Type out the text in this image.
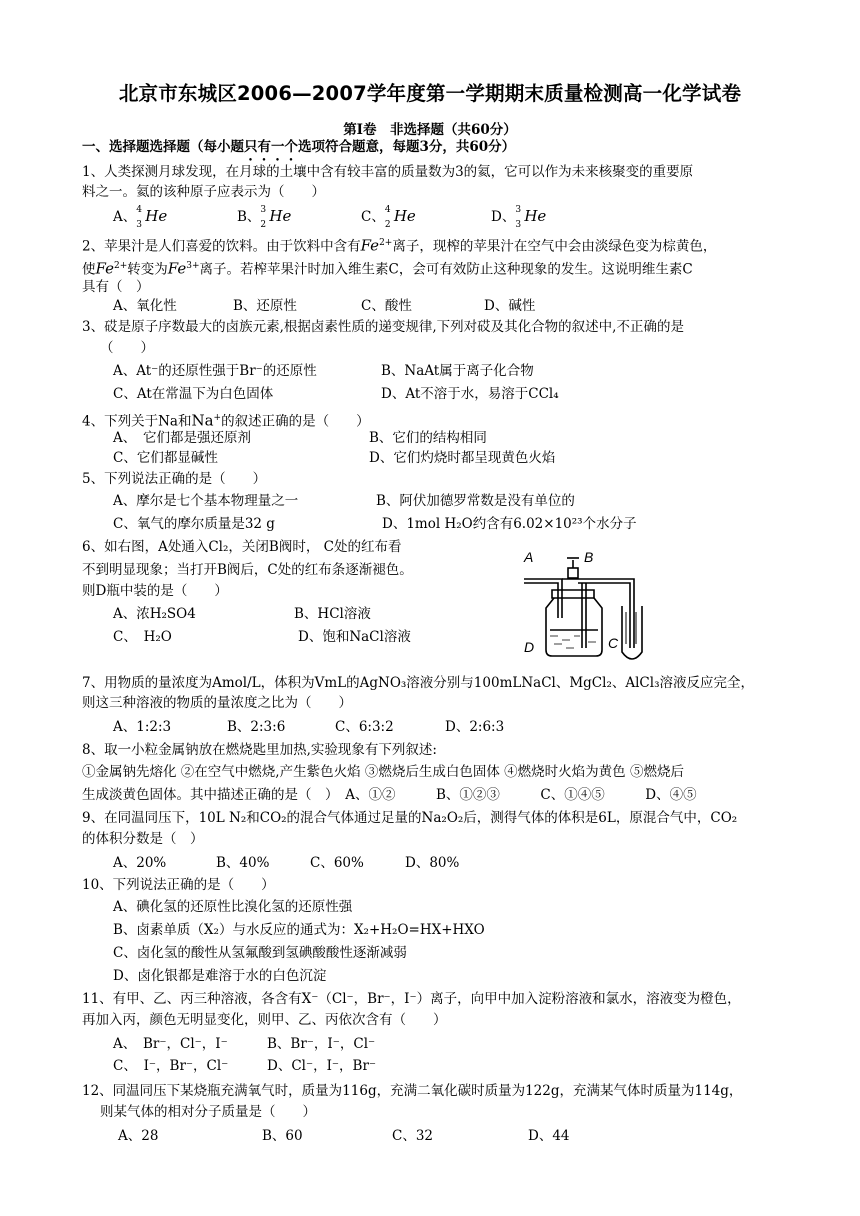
北京市东城区2006—2007学年度第一学期期末质量检测高一化学试卷
第Ⅰ卷　非选择题（共60分）
一、选择题选择题（每小题只有一个选项符合题意，每题3分，共60分）
1、人类探测月球发现，在月球的土壤中含有较丰富的质量数为3的氦，它可以作为未来核聚变的重要原
料之一。氦的该种原子应表示为（　　）
A、 4
3 He	B、 3
2 He	C、 4
2 He	D、 3
3 He
2、苹果汁是人们喜爱的饮料。由于饮料中含有$Fe^{2+}$离子，现榨的苹果汁在空气中会由淡绿色变为棕黄色，
使$Fe^{2+}$转变为$Fe^{3+}$离子。若榨苹果汁时加入维生素C，会可有效防止这种现象的发生。这说明维生素C
具有（　）
A、氧化性	B、还原性	C、酸性	D、碱性
3、砹是原子序数最大的卤族元素,根据卤素性质的递变规律,下列对砹及其化合物的叙述中,不正确的是
（　　）
A、At⁻的还原性强于Br⁻的还原性	B、NaAt属于离子化合物
C、At在常温下为白色固体	D、At不溶于水，易溶于CCl₄
4、下列关于Na和Na+的叙述正确的是（　　）
A、　它们都是强还原剂	B、它们的结构相同
C、它们都显碱性	D、它们灼烧时都呈现黄色火焰
5、下列说法正确的是（　　）
A、摩尔是七个基本物理量之一	B、阿伏加德罗常数是没有单位的
C、氧气的摩尔质量是32 g	D、1mol H₂O约含有6.02×10²³个水分子
6、如右图，A处通入Cl₂，关闭B阀时， C处的红布看
不到明显现象；当打开B阀后，C处的红布条逐渐褪色。
则D瓶中装的是（　　）
A、浓H₂SO4	B、HCl溶液
C、　H₂O	D、饱和NaCl溶液
A	B
D	C
7、用物质的量浓度为Amol/L，体积为VmL的AgNO₃溶液分别与100mLNaCl、MgCl₂、AlCl₃溶液反应完全，
则这三种溶液的物质的量浓度之比为（　　）
A、1:2:3	B、2:3:6	C、6:3:2	D、2:6:3
8、取一小粒金属钠放在燃烧匙里加热,实验现象有下列叙述:
①金属钠先熔化 ②在空气中燃烧,产生紫色火焰 ③燃烧后生成白色固体 ④燃烧时火焰为黄色 ⑤燃烧后
生成淡黄色固体。其中描述正确的是（　）　A、①②　　　B、①②③　　　C、①④⑤　　　D、④⑤
9、在同温同压下，10L N₂和CO₂的混合气体通过足量的Na₂O₂后，测得气体的体积是6L，原混合气中，CO₂
的体积分数是（　）
A、20%	B、40%	C、60%	D、80%
10、下列说法正确的是（　　）
A、碘化氢的还原性比溴化氢的还原性强
B、卤素单质（X₂）与水反应的通式为：X₂+H₂O=HX+HXO
C、卤化氢的酸性从氢氟酸到氢碘酸酸性逐渐减弱
D、卤化银都是难溶于水的白色沉淀
11、有甲、乙、丙三种溶液，各含有X⁻（Cl⁻，Br⁻，I⁻）离子，向甲中加入淀粉溶液和氯水，溶液变为橙色，
再加入丙，颜色无明显变化，则甲、乙、丙依次含有（　　）
A、　Br⁻，Cl⁻，I⁻	B、Br⁻，I⁻，Cl⁻
C、　I⁻，Br⁻，Cl⁻	D、Cl⁻，I⁻，Br⁻
12、同温同压下某烧瓶充满氧气时，质量为116g，充满二氧化碳时质量为122g，充满某气体时质量为114g，
则某气体的相对分子质量是（　　）
A、28	B、60	C、32	D、44
